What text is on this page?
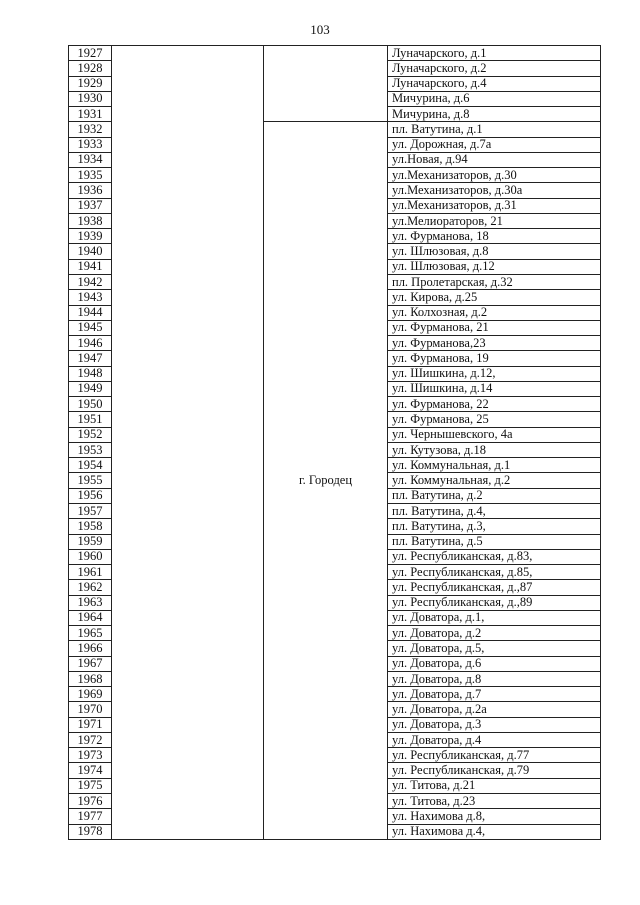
103
1927			Луначарского, д.1
1928			Луначарского, д.2
1929			Луначарского, д.4
1930			Мичурина, д.6
1931			Мичурина, д.8
1932		г. Городец	пл. Ватутина, д.1
1933			ул. Дорожная, д.7а
1934			ул.Новая, д.94
1935			ул.Механизаторов, д.30
1936			ул.Механизаторов, д.30а
1937			ул.Механизаторов, д.31
1938			ул.Мелиораторов, 21
1939			ул. Фурманова, 18
1940			ул. Шлюзовая, д.8
1941			ул. Шлюзовая, д.12
1942			пл. Пролетарская, д.32
1943			ул. Кирова, д.25
1944			ул. Колхозная, д.2
1945			ул. Фурманова, 21
1946			ул. Фурманова,23
1947			ул. Фурманова, 19
1948			ул. Шишкина, д.12,
1949			ул. Шишкина, д.14
1950			ул. Фурманова, 22
1951			ул. Фурманова, 25
1952			ул. Чернышевского, 4а
1953			ул. Кутузова, д.18
1954			ул. Коммунальная, д.1
1955			ул. Коммунальная, д.2
1956			пл. Ватутина, д.2
1957			пл. Ватутина, д.4,
1958			пл. Ватутина, д.3,
1959			пл. Ватутина, д.5
1960			ул. Республиканская, д.83,
1961			ул. Республиканская, д.85,
1962			ул. Республиканская, д.,87
1963			ул. Республиканская, д.,89
1964			ул. Доватора, д.1,
1965			ул. Доватора, д.2
1966			ул. Доватора, д.5,
1967			ул. Доватора, д.6
1968			ул. Доватора, д.8
1969			ул. Доватора, д.7
1970			ул. Доватора, д.2а
1971			ул. Доватора, д.3
1972			ул. Доватора, д.4
1973			ул. Республиканская, д.77
1974			ул. Республиканская, д.79
1975			ул. Титова, д.21
1976			ул. Титова, д.23
1977			ул. Нахимова д.8,
1978			ул. Нахимова д.4,
